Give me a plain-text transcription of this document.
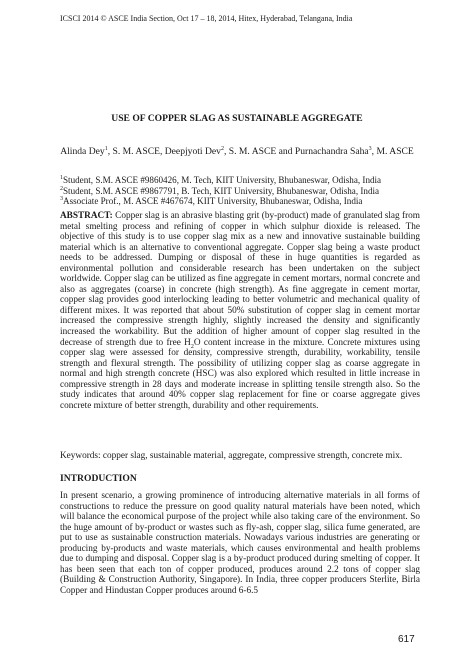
ICSCI 2014 © ASCE India Section, Oct 17 – 18, 2014, Hitex, Hyderabad, Telangana, India
USE OF COPPER SLAG AS SUSTAINABLE AGGREGATE
Alinda Dey$^1$, S. M. ASCE, Deepjyoti Dev$^2$, S. M. ASCE and Purnachandra Saha$^3$, M. ASCE
$^1$Student, S.M. ASCE #9860426, M. Tech, KIIT University, Bhubaneswar, Odisha, India
$^2$Student, S.M. ASCE #9867791, B. Tech, KIIT University, Bhubaneswar, Odisha, India
$^3$Associate Prof., M. ASCE #467674, KIIT University, Bhubaneswar, Odisha, India
ABSTRACT: Copper slag is an abrasive blasting grit (by-product) made of granulated slag from metal smelting process and refining of copper in which sulphur dioxide is released. The objective of this study is to use copper slag mix as a new and innovative sustainable building material which is an alternative to conventional aggregate. Copper slag being a waste product needs to be addressed. Dumping or disposal of these in huge quantities is regarded as environmental pollution and considerable research has been undertaken on the subject worldwide. Copper slag can be utilized as fine aggregate in cement mortars, normal concrete and also as aggregates (coarse) in concrete (high strength). As fine aggregate in cement mortar, copper slag provides good interlocking leading to better volumetric and mechanical quality of different mixes. It was reported that about 50% substitution of copper slag in cement mortar increased the compressive strength highly, slightly increased the density and significantly increased the workability. But the addition of higher amount of copper slag resulted in the decrease of strength due to free $H_2O$ content increase in the mixture. Concrete mixtures using copper slag were assessed for density, compressive strength, durability, workability, tensile strength and flexural strength. The possibility of utilizing copper slag as coarse aggregate in normal and high strength concrete (HSC) was also explored which resulted in little increase in compressive strength in 28 days and moderate increase in splitting tensile strength also. So the study indicates that around 40% copper slag replacement for fine or coarse aggregate gives concrete mixture of better strength, durability and other requirements.
Keywords: copper slag, sustainable material, aggregate, compressive strength, concrete mix.
INTRODUCTION
In present scenario, a growing prominence of introducing alternative materials in all forms of constructions to reduce the pressure on good quality natural materials have been noted, which will balance the economical purpose of the project while also taking care of the environment. So the huge amount of by-product or wastes such as fly-ash, copper slag, silica fume generated, are put to use as sustainable construction materials. Nowadays various industries are generating or producing by-products and waste materials, which causes environmental and health problems due to dumping and disposal. Copper slag is a by-product produced during smelting of copper. It has been seen that each ton of copper produced, produces around 2.2 tons of copper slag (Building & Construction Authority, Singapore). In India, three copper producers Sterlite, Birla Copper and Hindustan Copper produces around 6-6.5
617
